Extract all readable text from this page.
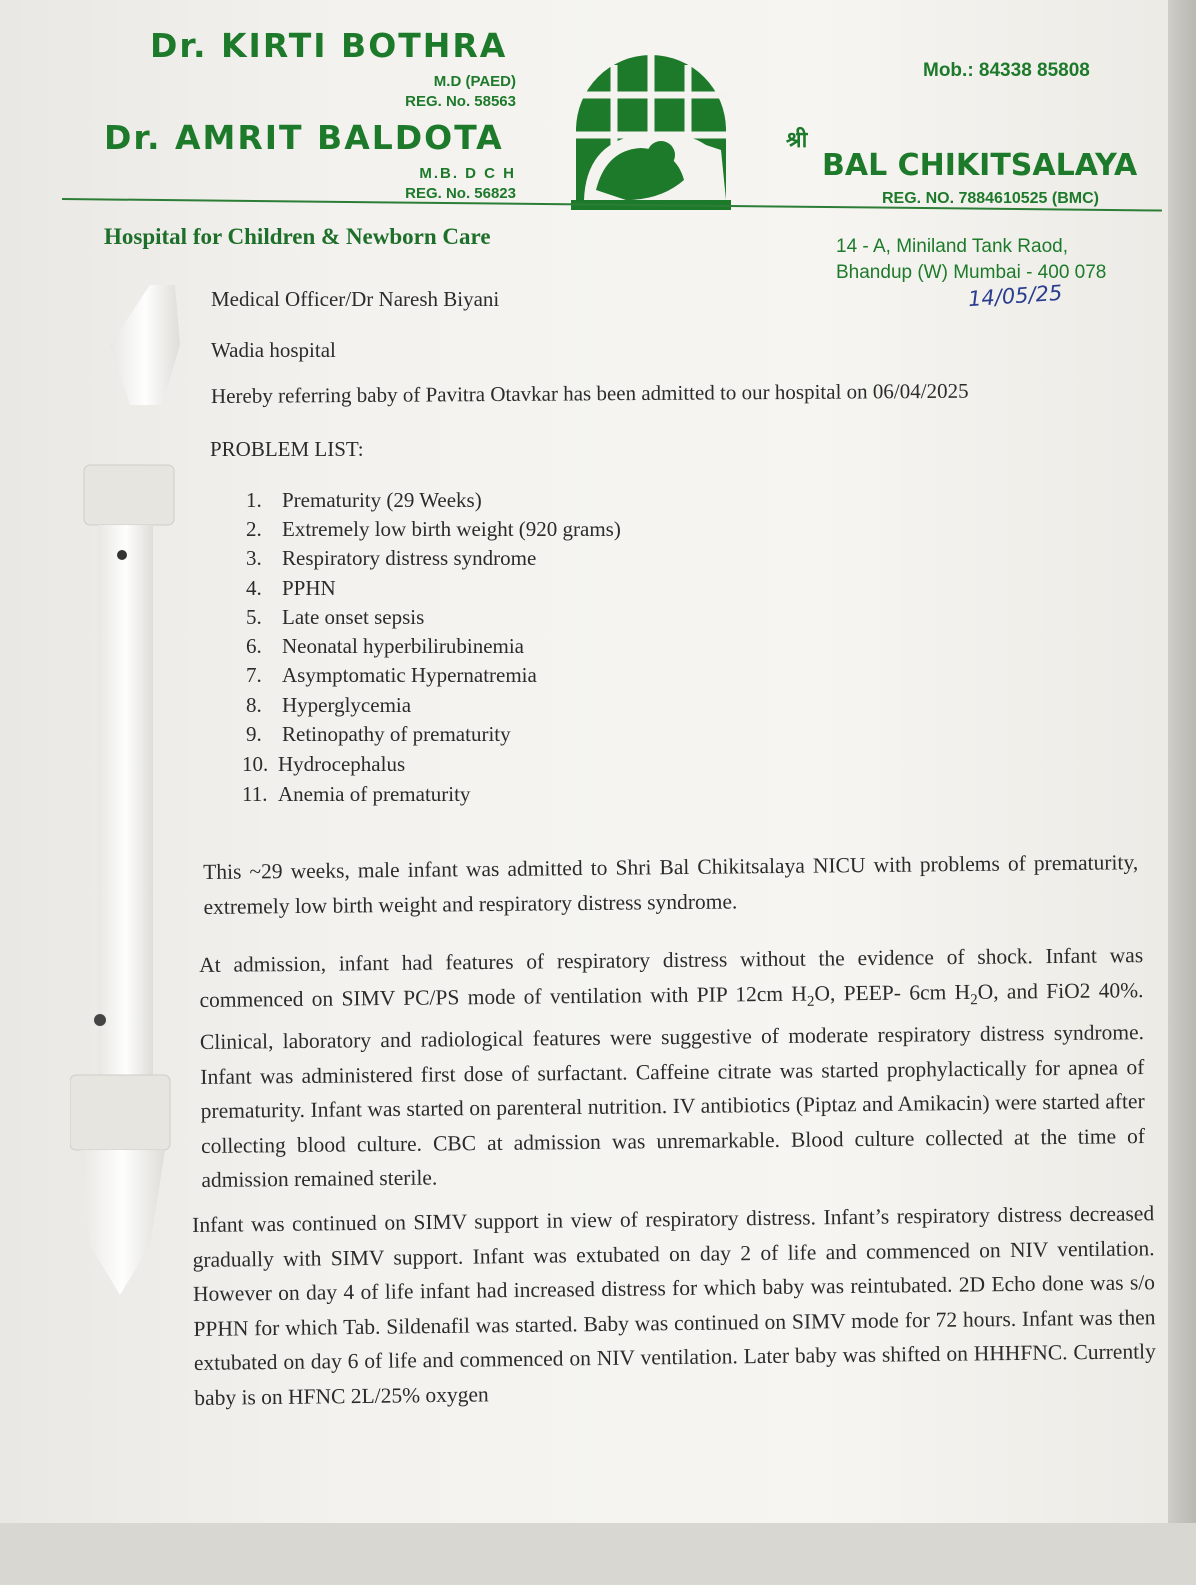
Dr. KIRTI BOTHRA
M.D (PAED)
REG. No. 58563
Dr. AMRIT BALDOTA
M.B. D C H
REG. No. 56823
Mob.: 84338 85808
श्री
BAL CHIKITSALAYA
REG. NO. 7884610525 (BMC)
Hospital for Children & Newborn Care	14 - A, Miniland Tank Raod,
Bhandup (W) Mumbai - 400 078
14/05/25
Medical Officer/Dr Naresh Biyani
Wadia hospital
Hereby referring baby of Pavitra Otavkar has been admitted to our hospital on 06/04/2025
PROBLEM LIST:
1. Prematurity (29 Weeks)
2. Extremely low birth weight (920 grams)
3. Respiratory distress syndrome
4. PPHN
5. Late onset sepsis
6. Neonatal hyperbilirubinemia
7. Asymptomatic Hypernatremia
8. Hyperglycemia
9. Retinopathy of prematurity
10. Hydrocephalus
11. Anemia of prematurity

This ~29 weeks, male infant was admitted to Shri Bal Chikitsalaya NICU with problems of prematurity, extremely low birth weight and respiratory distress syndrome.

At admission, infant had features of respiratory distress without the evidence of shock. Infant was commenced on SIMV PC/PS mode of ventilation with PIP 12cm $H_2O$, PEEP- 6cm $H_2O$, and FiO2 40%. Clinical, laboratory and radiological features were suggestive of moderate respiratory distress syndrome. Infant was administered first dose of surfactant. Caffeine citrate was started prophylactically for apnea of prematurity. Infant was started on parenteral nutrition. IV antibiotics (Piptaz and Amikacin) were started after collecting blood culture. CBC at admission was unremarkable. Blood culture collected at the time of admission remained sterile.

Infant was continued on SIMV support in view of respiratory distress. Infant’s respiratory distress decreased gradually with SIMV support. Infant was extubated on day 2 of life and commenced on NIV ventilation. However on day 4 of life infant had increased distress for which baby was reintubated. 2D Echo done was s/o PPHN for which Tab. Sildenafil was started. Baby was continued on SIMV mode for 72 hours. Infant was then extubated on day 6 of life and commenced on NIV ventilation. Later baby was shifted on HHHFNC. Currently baby is on HFNC 2L/25% oxygen
